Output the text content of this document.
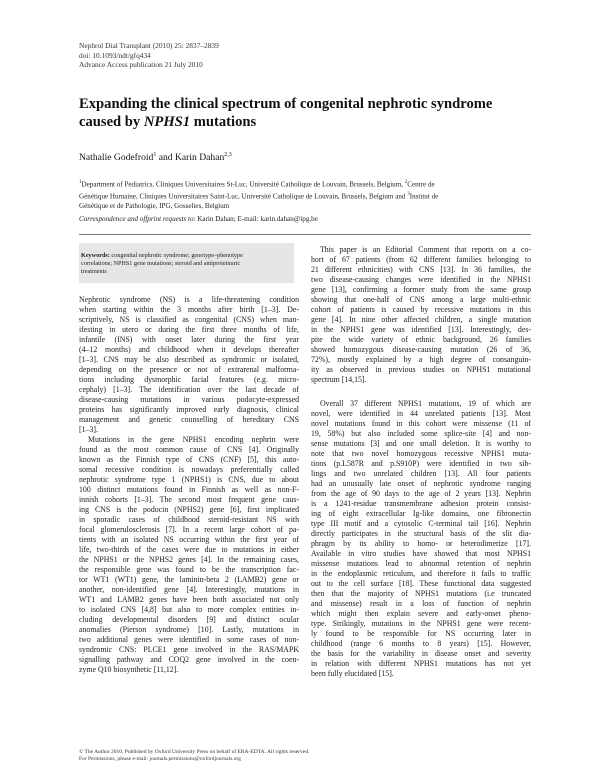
Nephrol Dial Transplant (2010) 25: 2837–2839
doi: 10.1093/ndt/gfq434
Advance Access publication 21 July 2010
Expanding the clinical spectrum of congenital nephrotic syndrome
caused by NPHS1 mutations
Nathalie Godefroid$^1$ and Karin Dahan$^{2,3}$
$^1$Department of Pediatrics, Cliniques Universitaires St-Luc, Université Catholique de Louvain, Brussels, Belgium, $^2$Centre de
Génétique Humaine, Cliniques Universitaires Saint-Luc, Université Catholique de Louvain, Brussels, Belgium and $^3$Institut de
Génétique et de Pathologie, IPG, Gosselies, Belgium
Correspondence and offprint requests to: Karin Dahan; E-mail: karin.dahan@ipg.be
Keywords: congenital nephrotic syndrome; genotype–phenotype
correlations; NPHS1 gene mutations; steroid and antiproteinuric
treatments
Nephrotic syndrome (NS) is a life-threatening condition
when starting within the 3 months after birth [1–3]. De-
scriptively, NS is classified as congenital (CNS) when man-
ifesting in utero or during the first three months of life,
infantile (INS) with onset later during the first year
(4–12 months) and childhood when it develops thereafter
[1–3]. CNS may be also described as syndromic or isolated,
depending on the presence or not of extrarenal malforma-
tions including dysmorphic facial features (e.g. micro-
cephaly) [1–3]. The identification over the last decade of
disease-causing mutations in various podocyte-expressed
proteins has significantly improved early diagnosis, clinical
management and genetic counselling of hereditary CNS
[1–3].
Mutations in the gene NPHS1 encoding nephrin were
found as the most common cause of CNS [4]. Originally
known as the Finnish type of CNS (CNF) [5], this auto-
somal recessive condition is nowadays preferentially called
nephrotic syndrome type 1 (NPHS1) is CNS, due to about
100 distinct mutations found in Finnish as well as non-F-
innish cohorts [1–3]. The second most frequent gene caus-
ing CNS is the podocin (NPHS2) gene [6], first implicated
in sporadic cases of childhood steroid-resistant NS with
focal glomerulosclerosis [7]. In a recent large cohort of pa-
tients with an isolated NS occurring within the first year of
life, two-thirds of the cases were due to mutations in either
the NPHS1 or the NPHS2 genes [4]. In the remaining cases,
the responsible gene was found to be the transcription fac-
tor WT1 (WT1) gene, the laminin-beta 2 (LAMB2) gene or
another, non-identified gene [4]. Interestingly, mutations in
WT1 and LAMB2 genes have been both associated not only
to isolated CNS [4,8] but also to more complex entities in-
cluding developmental disorders [9] and distinct ocular
anomalies (Pierson syndrome) [10]. Lastly, mutations in
two additional genes were identified in some cases of non-
syndromic CNS: PLCE1 gene involved in the RAS/MAPK
signalling pathway and COQ2 gene involved in the coen-
zyme Q10 biosynthetic [11,12].
This paper is an Editorial Comment that reports on a co-
hort of 67 patients (from 62 different families belonging to
21 different ethnicities) with CNS [13]. In 36 families, the
two disease-causing changes were identified in the NPHS1
gene [13], confirming a former study from the same group
showing that one-half of CNS among a large multi-ethnic
cohort of patients is caused by recessive mutations in this
gene [4]. In nine other affected children, a single mutation
in the NPHS1 gene was identified [13]. Interestingly, des-
pite the wide variety of ethnic background, 26 families
showed homozygous disease-causing mutation (26 of 36,
72%), mostly explained by a high degree of consanguin-
ity as observed in previous studies on NPHS1 mutational
spectrum [14,15].
Overall 37 different NPHS1 mutations, 19 of which are
novel, were identified in 44 unrelated patients [13]. Most
novel mutations found in this cohort were missense (11 of
19, 58%) but also included some splice-site [4] and non-
sense mutations [3] and one small deletion. It is worthy to
note that two novel homozygous recessive NPHS1 muta-
tions (p.L587R and p.S910P) were identified in two sib-
lings and two unrelated children [13]. All four patients
had an unusually late onset of nephrotic syndrome ranging
from the age of 90 days to the age of 2 years [13]. Nephrin
is a 1241-residue transmembrane adhesion protein consist-
ing of eight extracellular Ig-like domains, one fibronectin
type III motif and a cytosolic C-terminal tail [16]. Nephrin
directly participates in the structural basis of the slit dia-
phragm by its ability to homo- or heterodimerize [17].
Available in vitro studies have showed that most NPHS1
missense mutations lead to abnormal retention of nephrin
in the endoplasmic reticulum, and therefore it fails to traffic
out to the cell surface [18]. These functional data suggested
then that the majority of NPHS1 mutations (i.e truncated
and missense) result in a loss of function of nephrin
which might then explain severe and early-onset pheno-
type. Strikingly, mutations in the NPHS1 gene were recent-
ly found to be responsible for NS occurring later in
childhood (range 6 months to 8 years) [15]. However,
the basis for the variability in disease onset and severity
in relation with different NPHS1 mutations has not yet
been fully elucidated [15].
© The Author 2010. Published by Oxford University Press on behalf of ERA-EDTA. All rights reserved.
For Permissions, please e-mail: journals.permissions@oxfordjournals.org
